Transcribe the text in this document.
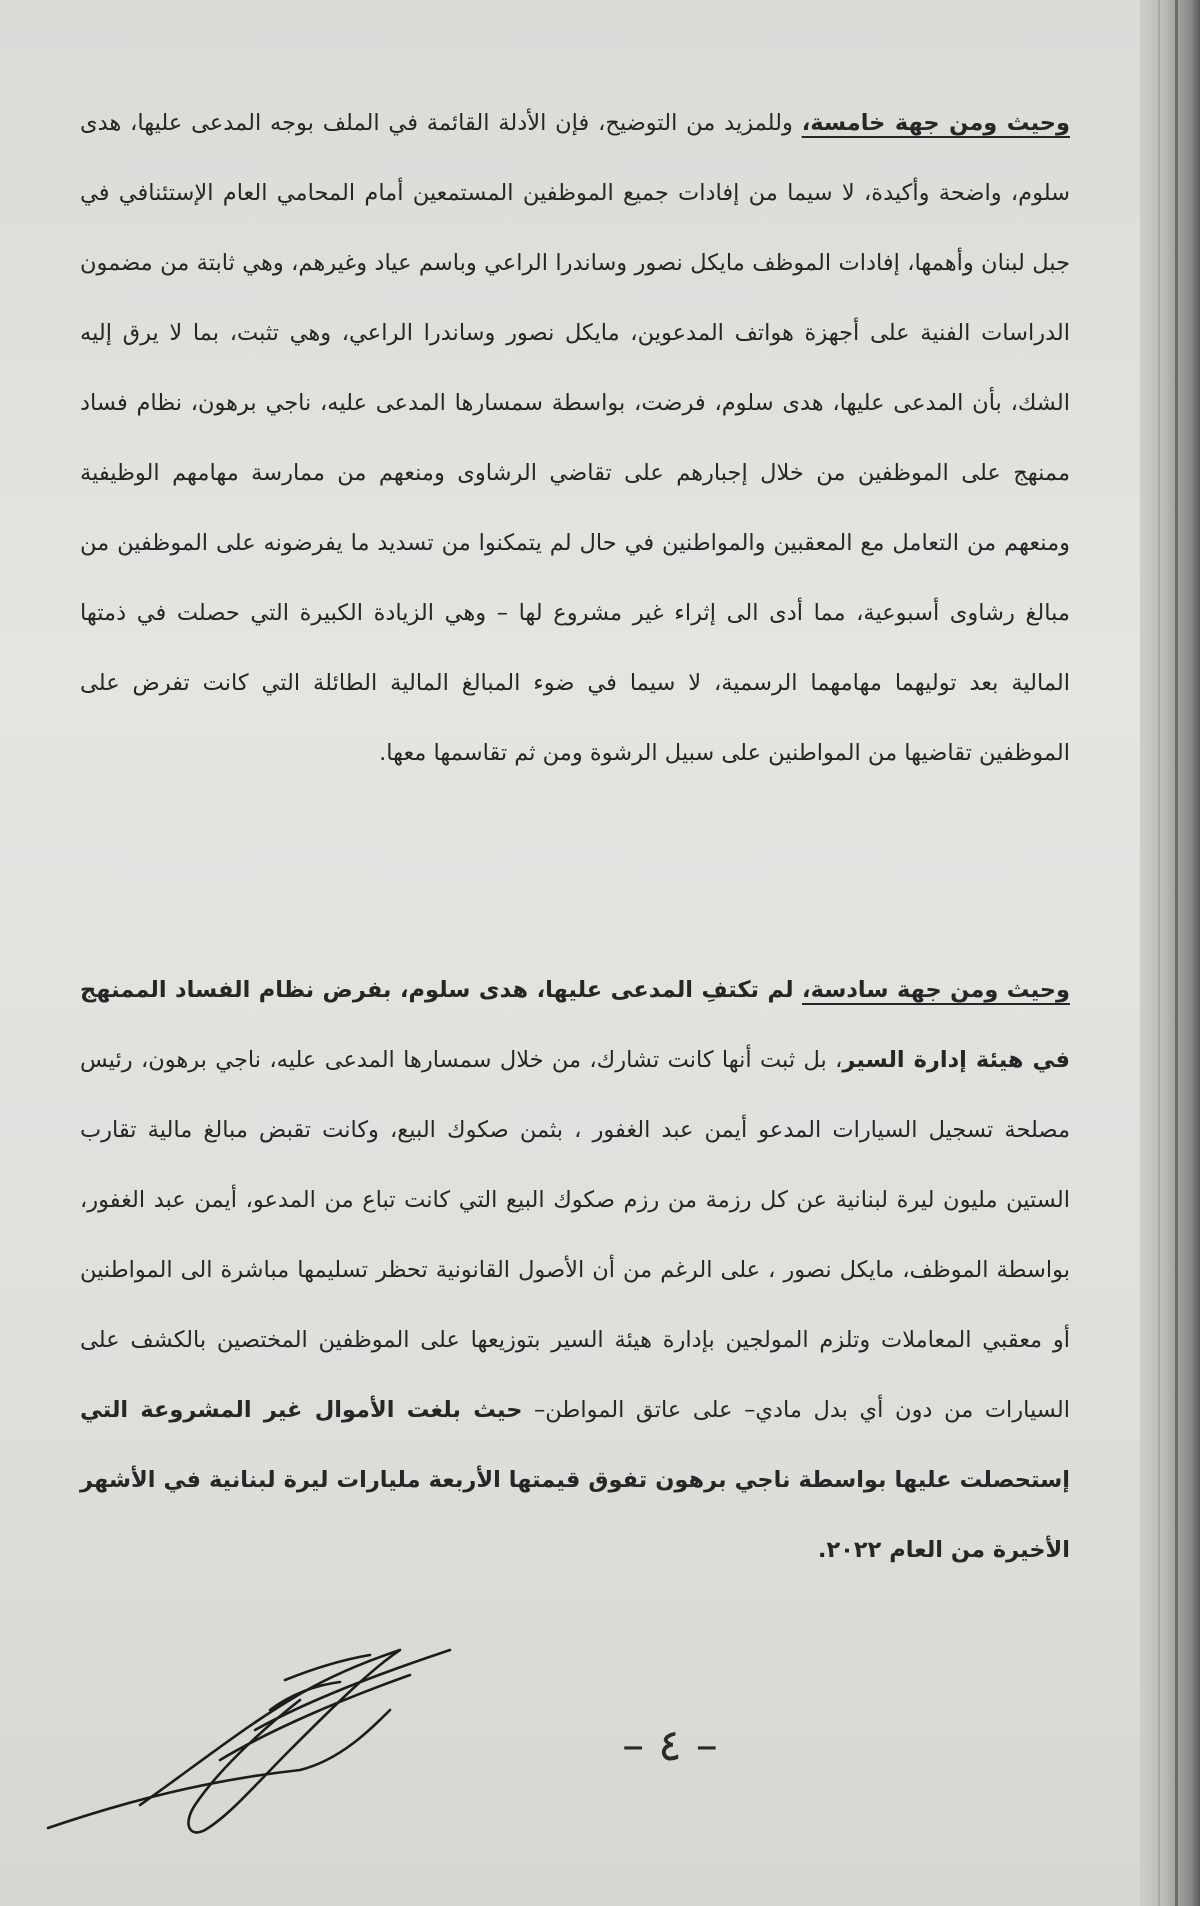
وحيث ومن جهة خامسة، وللمزيد من التوضيح، فإن الأدلة القائمة في الملف بوجه المدعى عليها، هدى سلوم، واضحة وأكيدة، لا سيما من إفادات جميع الموظفين المستمعين أمام المحامي العام الإستئنافي في جبل لبنان وأهمها، إفادات الموظف مايكل نصور وساندرا الراعي وباسم عياد وغيرهم، وهي ثابتة من مضمون الدراسات الفنية على أجهزة هواتف المدعوين، مايكل نصور وساندرا الراعي، وهي تثبت، بما لا يرق إليه الشك، بأن المدعى عليها، هدى سلوم، فرضت، بواسطة سمسارها المدعى عليه، ناجي برهون، نظام فساد ممنهج على الموظفين من خلال إجبارهم على تقاضي الرشاوى ومنعهم من ممارسة مهامهم الوظيفية ومنعهم من التعامل مع المعقبين والمواطنين في حال لم يتمكنوا من تسديد ما يفرضونه على الموظفين من مبالغ رشاوى أسبوعية، مما أدى الى إثراء غير مشروع لها – وهي الزيادة الكبيرة التي حصلت في ذمتها المالية بعد توليهما مهامهما الرسمية، لا سيما في ضوء المبالغ المالية الطائلة التي كانت تفرض على الموظفين تقاضيها من المواطنين على سبيل الرشوة ومن ثم تقاسمها معها.

وحيث ومن جهة سادسة، لم تكتفِ المدعى عليها، هدى سلوم، بفرض نظام الفساد الممنهج في هيئة إدارة السير، بل ثبت أنها كانت تشارك، من خلال سمسارها المدعى عليه، ناجي برهون، رئيس مصلحة تسجيل السيارات المدعو أيمن عبد الغفور ، بثمن صكوك البيع، وكانت تقبض مبالغ مالية تقارب الستين مليون ليرة لبنانية عن كل رزمة من رزم صكوك البيع التي كانت تباع من المدعو، أيمن عبد الغفور، بواسطة الموظف، مايكل نصور ، على الرغم من أن الأصول القانونية تحظر تسليمها مباشرة الى المواطنين أو معقبي المعاملات وتلزم المولجين بإدارة هيئة السير بتوزيعها على الموظفين المختصين بالكشف على السيارات من دون أي بدل مادي– على عاتق المواطن– حيث بلغت الأموال غير المشروعة التي إستحصلت عليها بواسطة ناجي برهون تفوق قيمتها الأربعة مليارات ليرة لبنانية في الأشهر الأخيرة من العام ٢٠٢٢.

– ٤ –
